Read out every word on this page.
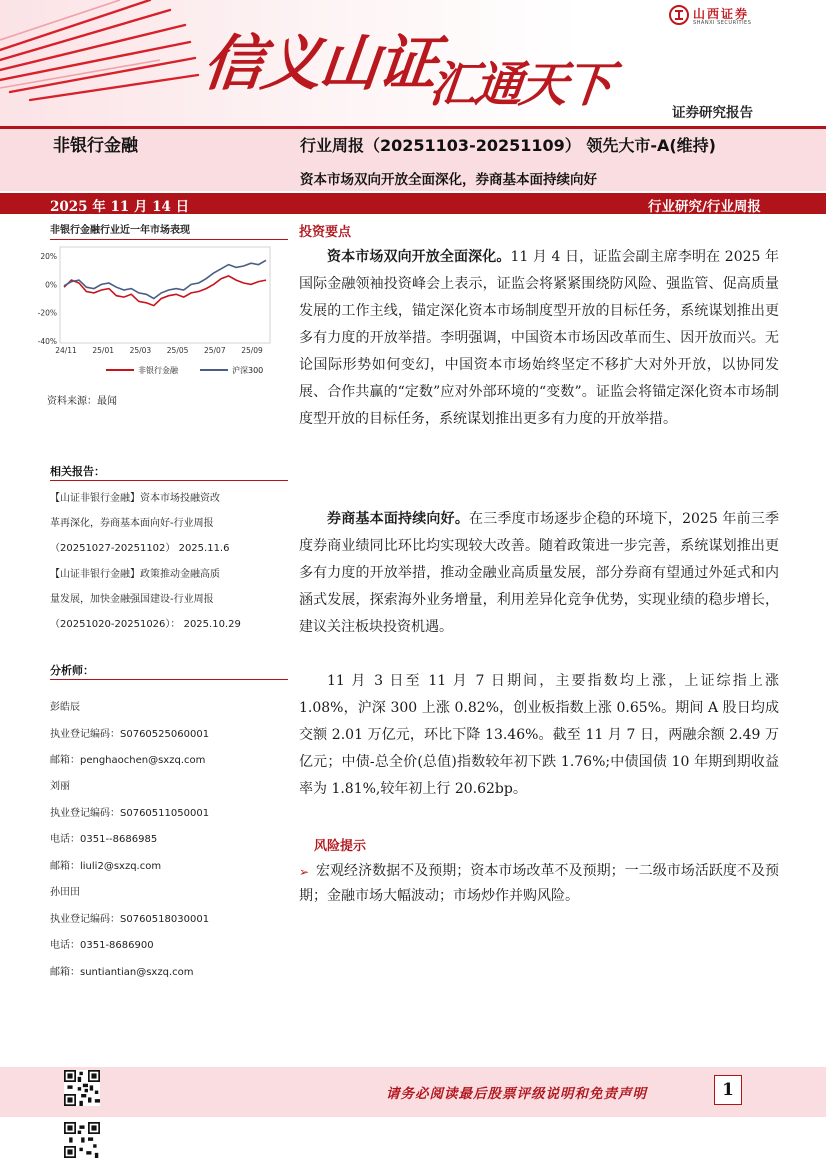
信义山证
汇通天下
山西证券
SHANXI SECURITIES
证券研究报告
非银行金融	行业周报（20251103-20251109） 领先大市-A(维持)
资本市场双向开放全面深化，券商基本面持续向好
2025 年 11 月 14 日	行业研究/行业周报
非银行金融行业近一年市场表现
20%
0%
-20%
-40%
24/11 25/01 25/03 25/05 25/07 25/09
非银行金融	沪深300
资料来源：最闻
相关报告：
【山证非银行金融】资本市场投融资改
革再深化，券商基本面向好-行业周报
（20251027-20251102） 2025.11.6
【山证非银行金融】政策推动金融高质
量发展，加快金融强国建设-行业周报
（20251020-20251026）： 2025.10.29
分析师：
彭皓辰
执业登记编码：S0760525060001
邮箱：penghaochen@sxzq.com
刘丽
执业登记编码：S0760511050001
电话：0351--8686985
邮箱：liuli2@sxzq.com
孙田田
执业登记编码：S0760518030001
电话：0351-8686900
邮箱：suntiantian@sxzq.com
投资要点
资本市场双向开放全面深化。11 月 4 日，证监会副主席李明在 2025 年国际金融领袖投资峰会上表示，证监会将紧紧围绕防风险、强监管、促高质量发展的工作主线，锚定深化资本市场制度型开放的目标任务，系统谋划推出更多有力度的开放举措。李明强调，中国资本市场因改革而生、因开放而兴。无论国际形势如何变幻，中国资本市场始终坚定不移扩大对外开放，以协同发展、合作共赢的“定数”应对外部环境的“变数”。证监会将锚定深化资本市场制度型开放的目标任务，系统谋划推出更多有力度的开放举措。
券商基本面持续向好。在三季度市场逐步企稳的环境下，2025 年前三季度券商业绩同比环比均实现较大改善。随着政策进一步完善，系统谋划推出更多有力度的开放举措，推动金融业高质量发展，部分券商有望通过外延式和内涵式发展，探索海外业务增量，利用差异化竞争优势，实现业绩的稳步增长，建议关注板块投资机遇。
11 月 3 日至 11 月 7 日期间，主要指数均上涨，上证综指上涨 1.08%，沪深 300 上涨 0.82%，创业板指数上涨 0.65%。期间 A 股日均成交额 2.01 万亿元，环比下降 13.46%。截至 11 月 7 日，两融余额 2.49 万亿元；中债-总全价(总值)指数较年初下跌 1.76%;中债国债 10 年期到期收益率为 1.81%,较年初上行 20.62bp。
风险提示
➢ 宏观经济数据不及预期；资本市场改革不及预期；一二级市场活跃度不及预期；金融市场大幅波动；市场炒作并购风险。
请务必阅读最后股票评级说明和免责声明	1
